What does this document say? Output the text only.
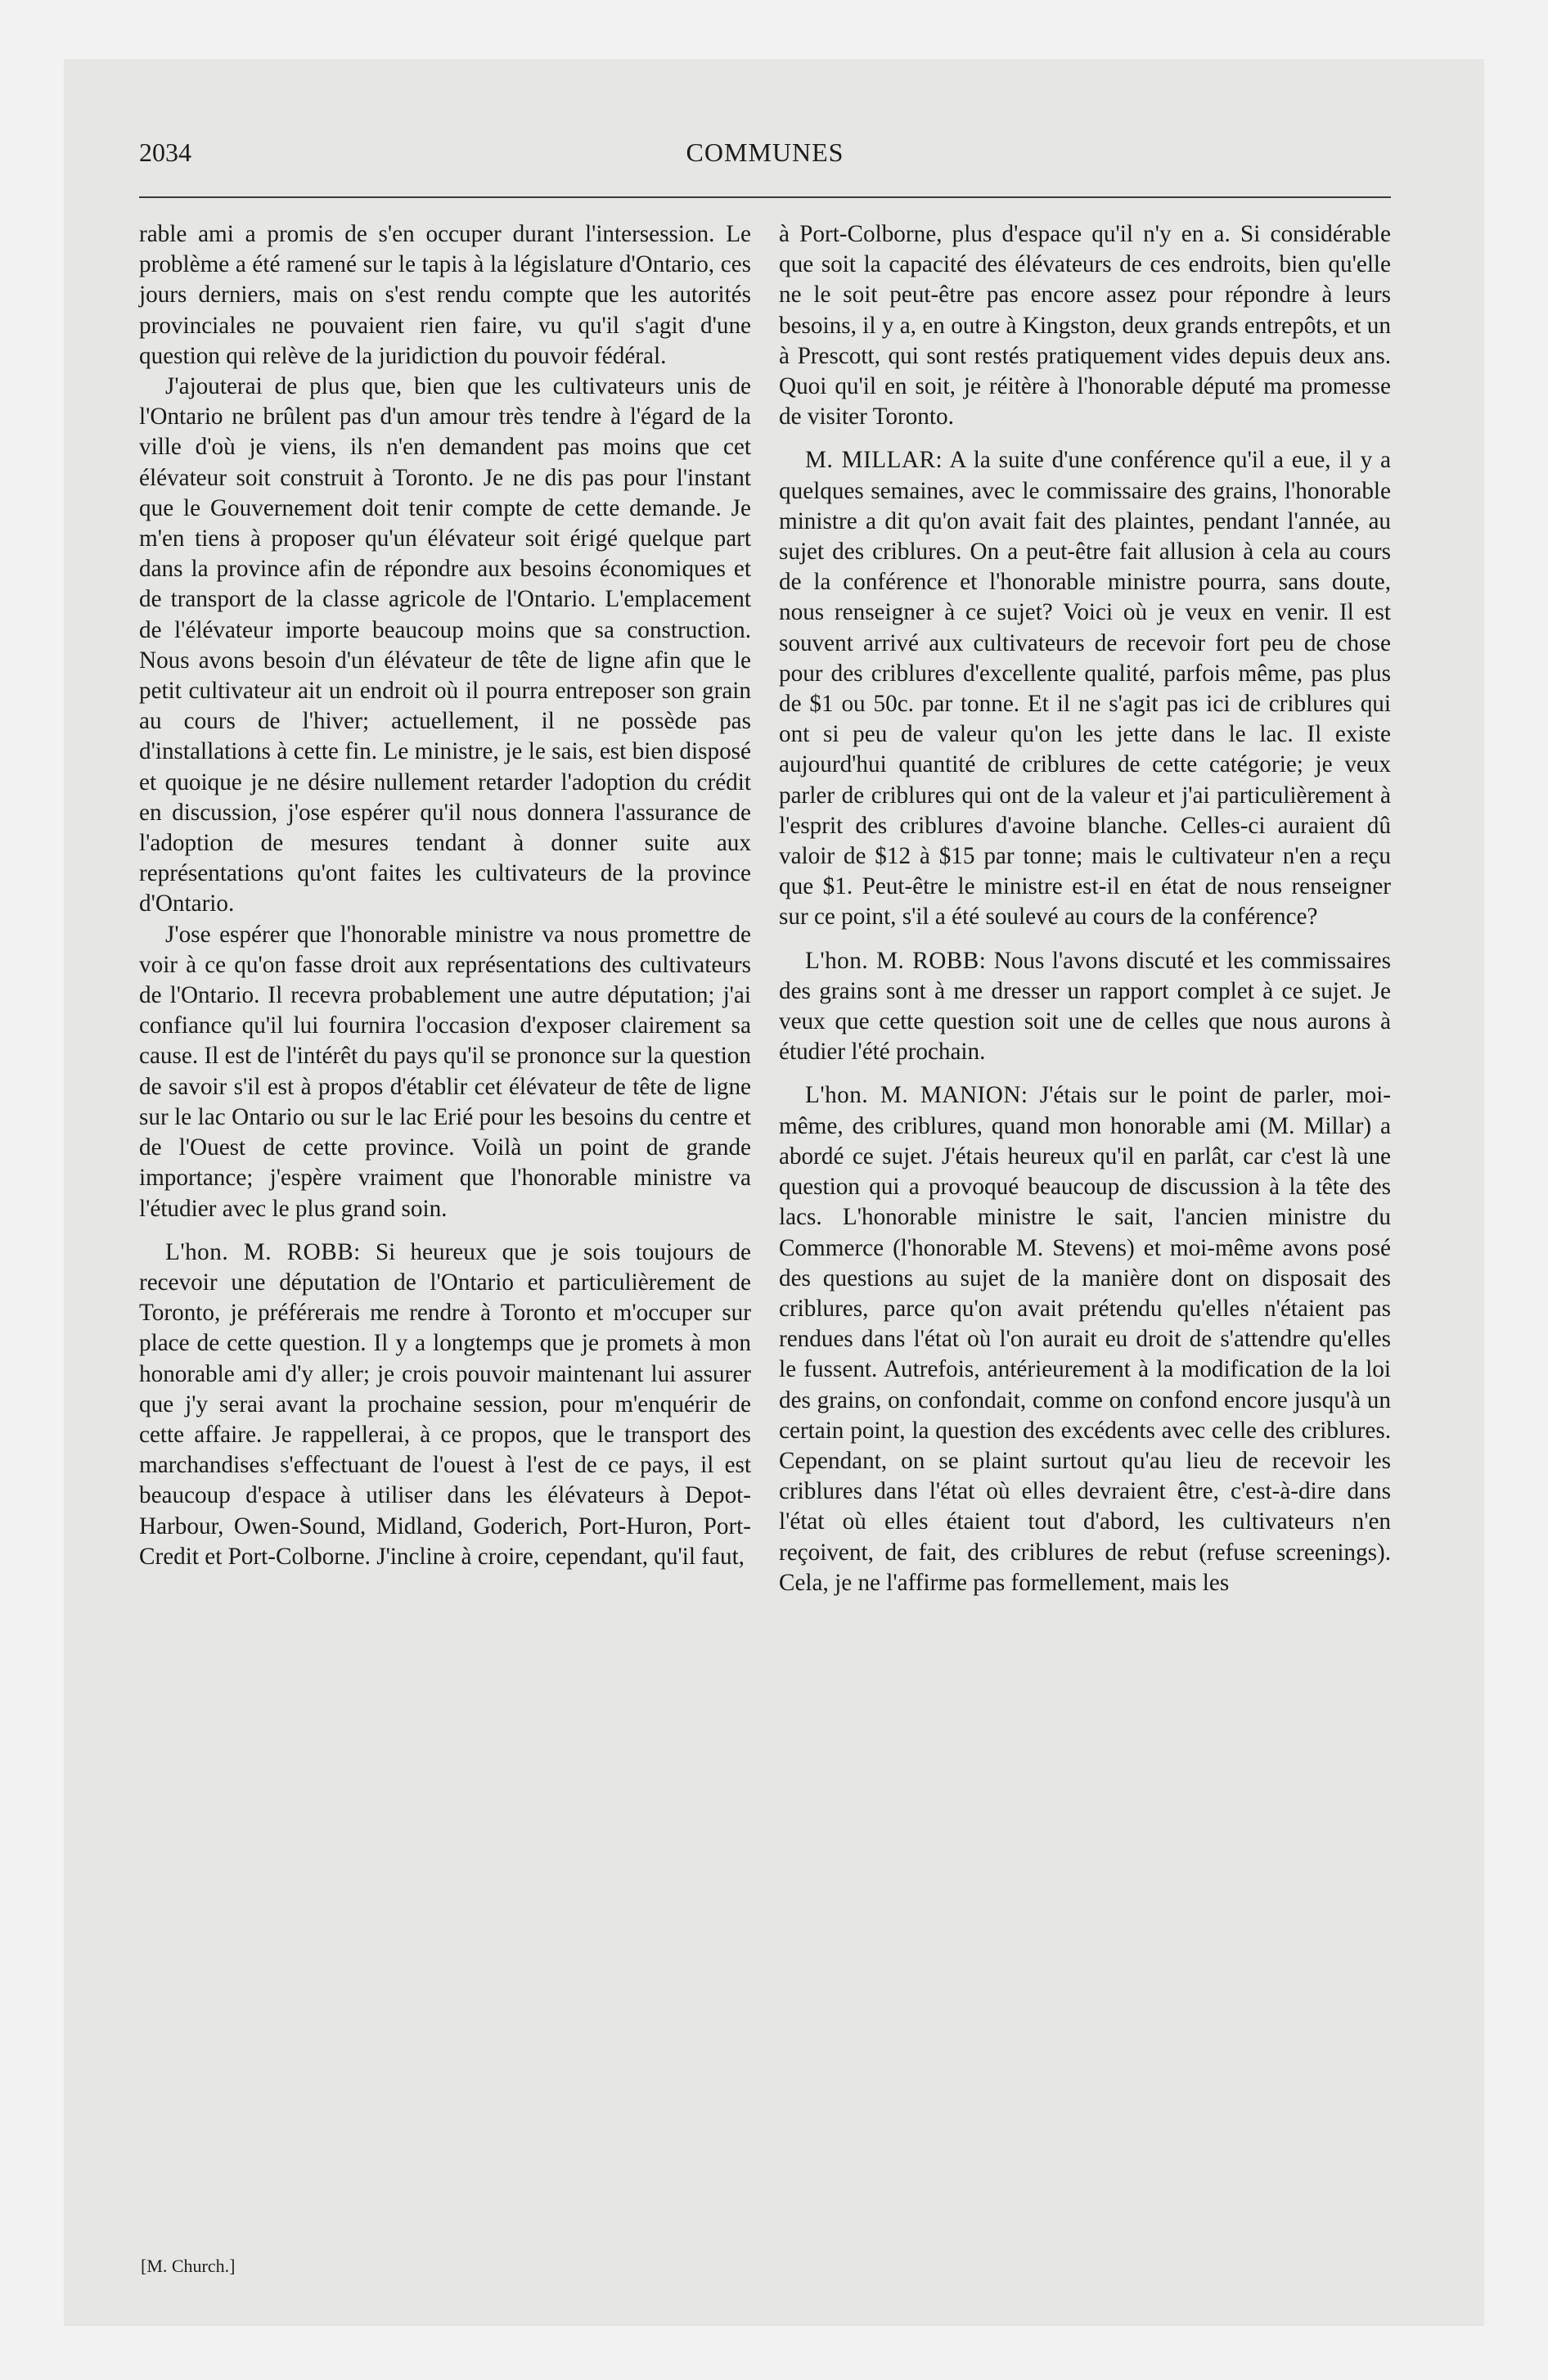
2034	COMMUNES

rable ami a promis de s'en occuper durant l'intersession. Le problème a été ramené sur le tapis à la législature d'Ontario, ces jours derniers, mais on s'est rendu compte que les autorités provinciales ne pouvaient rien faire, vu qu'il s'agit d'une question qui relève de la juridiction du pouvoir fédéral.

J'ajouterai de plus que, bien que les cultivateurs unis de l'Ontario ne brûlent pas d'un amour très tendre à l'égard de la ville d'où je viens, ils n'en demandent pas moins que cet élévateur soit construit à Toronto. Je ne dis pas pour l'instant que le Gouvernement doit tenir compte de cette demande. Je m'en tiens à proposer qu'un élévateur soit érigé quelque part dans la province afin de répondre aux besoins économiques et de transport de la classe agricole de l'Ontario. L'emplacement de l'élévateur importe beaucoup moins que sa construction. Nous avons besoin d'un élévateur de tête de ligne afin que le petit cultivateur ait un endroit où il pourra entreposer son grain au cours de l'hiver; actuellement, il ne possède pas d'installations à cette fin. Le ministre, je le sais, est bien disposé et quoique je ne désire nullement retarder l'adoption du crédit en discussion, j'ose espérer qu'il nous donnera l'assurance de l'adoption de mesures tendant à donner suite aux représentations qu'ont faites les cultivateurs de la province d'Ontario.

J'ose espérer que l'honorable ministre va nous promettre de voir à ce qu'on fasse droit aux représentations des cultivateurs de l'Ontario. Il recevra probablement une autre députation; j'ai confiance qu'il lui fournira l'occasion d'exposer clairement sa cause. Il est de l'intérêt du pays qu'il se prononce sur la question de savoir s'il est à propos d'établir cet élévateur de tête de ligne sur le lac Ontario ou sur le lac Erié pour les besoins du centre et de l'Ouest de cette province. Voilà un point de grande importance; j'espère vraiment que l'honorable ministre va l'étudier avec le plus grand soin.

L'hon. M. ROBB: Si heureux que je sois toujours de recevoir une députation de l'Ontario et particulièrement de Toronto, je préférerais me rendre à Toronto et m'occuper sur place de cette question. Il y a longtemps que je promets à mon honorable ami d'y aller; je crois pouvoir maintenant lui assurer que j'y serai avant la prochaine session, pour m'enquérir de cette affaire. Je rappellerai, à ce propos, que le transport des marchandises s'effectuant de l'ouest à l'est de ce pays, il est beaucoup d'espace à utiliser dans les élévateurs à Depot-Harbour, Owen-Sound, Midland, Goderich, Port-Huron, Port-Credit et Port-Colborne. J'incline à croire, cependant, qu'il faut,

à Port-Colborne, plus d'espace qu'il n'y en a. Si considérable que soit la capacité des élévateurs de ces endroits, bien qu'elle ne le soit peut-être pas encore assez pour répondre à leurs besoins, il y a, en outre à Kingston, deux grands entrepôts, et un à Prescott, qui sont restés pratiquement vides depuis deux ans. Quoi qu'il en soit, je réitère à l'honorable député ma promesse de visiter Toronto.

M. MILLAR: A la suite d'une conférence qu'il a eue, il y a quelques semaines, avec le commissaire des grains, l'honorable ministre a dit qu'on avait fait des plaintes, pendant l'année, au sujet des criblures. On a peut-être fait allusion à cela au cours de la conférence et l'honorable ministre pourra, sans doute, nous renseigner à ce sujet? Voici où je veux en venir. Il est souvent arrivé aux cultivateurs de recevoir fort peu de chose pour des criblures d'excellente qualité, parfois même, pas plus de $1 ou 50c. par tonne. Et il ne s'agit pas ici de criblures qui ont si peu de valeur qu'on les jette dans le lac. Il existe aujourd'hui quantité de criblures de cette catégorie; je veux parler de criblures qui ont de la valeur et j'ai particulièrement à l'esprit des criblures d'avoine blanche. Celles-ci auraient dû valoir de $12 à $15 par tonne; mais le cultivateur n'en a reçu que $1. Peut-être le ministre est-il en état de nous renseigner sur ce point, s'il a été soulevé au cours de la conférence?

L'hon. M. ROBB: Nous l'avons discuté et les commissaires des grains sont à me dresser un rapport complet à ce sujet. Je veux que cette question soit une de celles que nous aurons à étudier l'été prochain.

L'hon. M. MANION: J'étais sur le point de parler, moi-même, des criblures, quand mon honorable ami (M. Millar) a abordé ce sujet. J'étais heureux qu'il en parlât, car c'est là une question qui a provoqué beaucoup de discussion à la tête des lacs. L'honorable ministre le sait, l'ancien ministre du Commerce (l'honorable M. Stevens) et moi-même avons posé des questions au sujet de la manière dont on disposait des criblures, parce qu'on avait prétendu qu'elles n'étaient pas rendues dans l'état où l'on aurait eu droit de s'attendre qu'elles le fussent. Autrefois, antérieurement à la modification de la loi des grains, on confondait, comme on confond encore jusqu'à un certain point, la question des excédents avec celle des criblures. Cependant, on se plaint surtout qu'au lieu de recevoir les criblures dans l'état où elles devraient être, c'est-à-dire dans l'état où elles étaient tout d'abord, les cultivateurs n'en reçoivent, de fait, des criblures de rebut (refuse screenings). Cela, je ne l'affirme pas formellement, mais les

[M. Church.]
